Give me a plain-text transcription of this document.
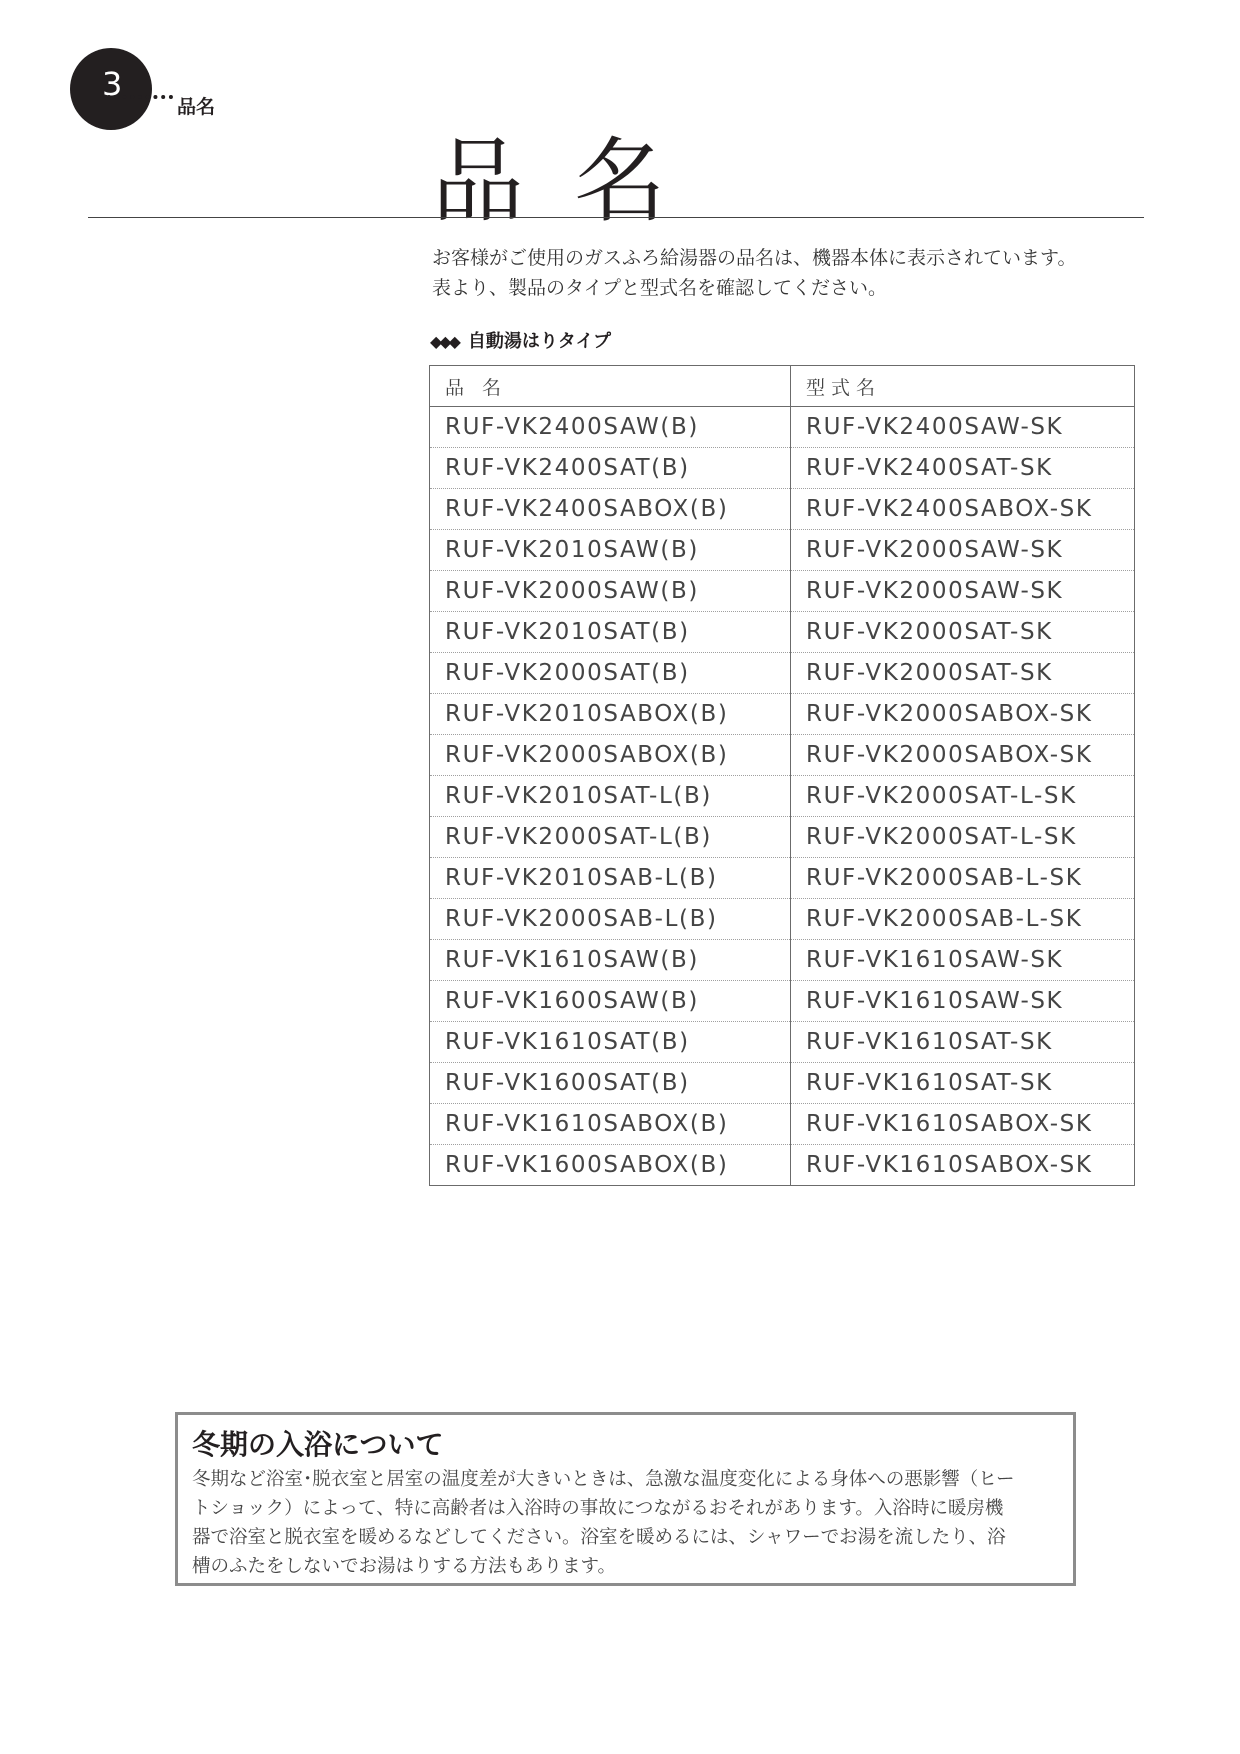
3
品名
品名

お客様がご使用のガスふろ給湯器の品名は、機器本体に表示されています。

表より、製品のタイプと型式名を確認してください。

◆◆◆ 自動湯はりタイプ
品 名	型式名
RUF-VK2400SAW(B)	RUF-VK2400SAW-SK
RUF-VK2400SAT(B)	RUF-VK2400SAT-SK
RUF-VK2400SABOX(B)	RUF-VK2400SABOX-SK
RUF-VK2010SAW(B)	RUF-VK2000SAW-SK
RUF-VK2000SAW(B)	RUF-VK2000SAW-SK
RUF-VK2010SAT(B)	RUF-VK2000SAT-SK
RUF-VK2000SAT(B)	RUF-VK2000SAT-SK
RUF-VK2010SABOX(B)	RUF-VK2000SABOX-SK
RUF-VK2000SABOX(B)	RUF-VK2000SABOX-SK
RUF-VK2010SAT-L(B)	RUF-VK2000SAT-L-SK
RUF-VK2000SAT-L(B)	RUF-VK2000SAT-L-SK
RUF-VK2010SAB-L(B)	RUF-VK2000SAB-L-SK
RUF-VK2000SAB-L(B)	RUF-VK2000SAB-L-SK
RUF-VK1610SAW(B)	RUF-VK1610SAW-SK
RUF-VK1600SAW(B)	RUF-VK1610SAW-SK
RUF-VK1610SAT(B)	RUF-VK1610SAT-SK
RUF-VK1600SAT(B)	RUF-VK1610SAT-SK
RUF-VK1610SABOX(B)	RUF-VK1610SABOX-SK
RUF-VK1600SABOX(B)	RUF-VK1610SABOX-SK
冬期の入浴について

冬期など浴室･脱衣室と居室の温度差が大きいときは、急激な温度変化による身体への悪影響（ヒー
トショック）によって、特に高齢者は入浴時の事故につながるおそれがあります。入浴時に暖房機
器で浴室と脱衣室を暖めるなどしてください。浴室を暖めるには、シャワーでお湯を流したり、浴
槽のふたをしないでお湯はりする方法もあります。
